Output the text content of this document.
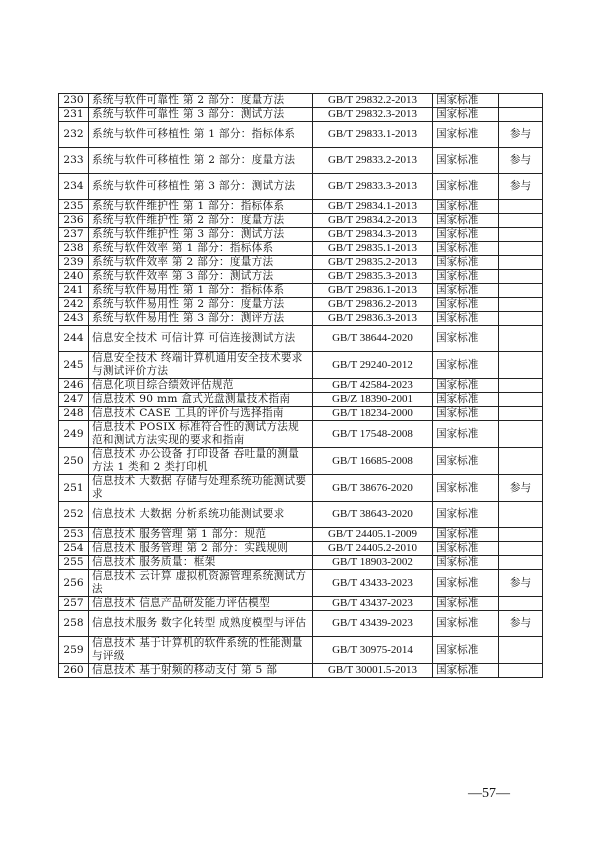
230	系统与软件可靠性 第 2 部分：度量方法	GB/T 29832.2-2013	国家标准	
231	系统与软件可靠性 第 3 部分：测试方法	GB/T 29832.3-2013	国家标准	
232	系统与软件可移植性 第 1 部分：指标体系	GB/T 29833.1-2013	国家标准	参与
233	系统与软件可移植性 第 2 部分：度量方法	GB/T 29833.2-2013	国家标准	参与
234	系统与软件可移植性 第 3 部分：测试方法	GB/T 29833.3-2013	国家标准	参与
235	系统与软件维护性 第 1 部分：指标体系	GB/T 29834.1-2013	国家标准	
236	系统与软件维护性 第 2 部分：度量方法	GB/T 29834.2-2013	国家标准	
237	系统与软件维护性 第 3 部分：测试方法	GB/T 29834.3-2013	国家标准	
238	系统与软件效率 第 1 部分：指标体系	GB/T 29835.1-2013	国家标准	
239	系统与软件效率 第 2 部分：度量方法	GB/T 29835.2-2013	国家标准	
240	系统与软件效率 第 3 部分：测试方法	GB/T 29835.3-2013	国家标准	
241	系统与软件易用性 第 1 部分：指标体系	GB/T 29836.1-2013	国家标准	
242	系统与软件易用性 第 2 部分：度量方法	GB/T 29836.2-2013	国家标准	
243	系统与软件易用性 第 3 部分：测评方法	GB/T 29836.3-2013	国家标准	
244	信息安全技术 可信计算 可信连接测试方法	GB/T 38644-2020	国家标准	
245	信息安全技术 终端计算机通用安全技术要求与测试评价方法	GB/T 29240-2012	国家标准	
246	信息化项目综合绩效评估规范	GB/T 42584-2023	国家标准	
247	信息技术 90 mm 盒式光盘测量技术指南	GB/Z 18390-2001	国家标准	
248	信息技术 CASE 工具的评价与选择指南	GB/T 18234-2000	国家标准	
249	信息技术 POSIX 标准符合性的测试方法规范和测试方法实现的要求和指南	GB/T 17548-2008	国家标准	
250	信息技术 办公设备 打印设备 吞吐量的测量方法 1 类和 2 类打印机	GB/T 16685-2008	国家标准	
251	信息技术 大数据 存储与处理系统功能测试要求	GB/T 38676-2020	国家标准	参与
252	信息技术 大数据 分析系统功能测试要求	GB/T 38643-2020	国家标准	
253	信息技术 服务管理 第 1 部分：规范	GB/T 24405.1-2009	国家标准	
254	信息技术 服务管理 第 2 部分：实践规则	GB/T 24405.2-2010	国家标准	
255	信息技术 服务质量：框架	GB/T 18903-2002	国家标准	
256	信息技术 云计算 虚拟机资源管理系统测试方法	GB/T 43433-2023	国家标准	参与
257	信息技术 信息产品研发能力评估模型	GB/T 43437-2023	国家标准	
258	信息技术服务 数字化转型 成熟度模型与评估	GB/T 43439-2023	国家标准	参与
259	信息技术 基于计算机的软件系统的性能测量与评级	GB/T 30975-2014	国家标准	
260	信息技术 基于射频的移动支付 第 5 部	GB/T 30001.5-2013	国家标准	
—57—
